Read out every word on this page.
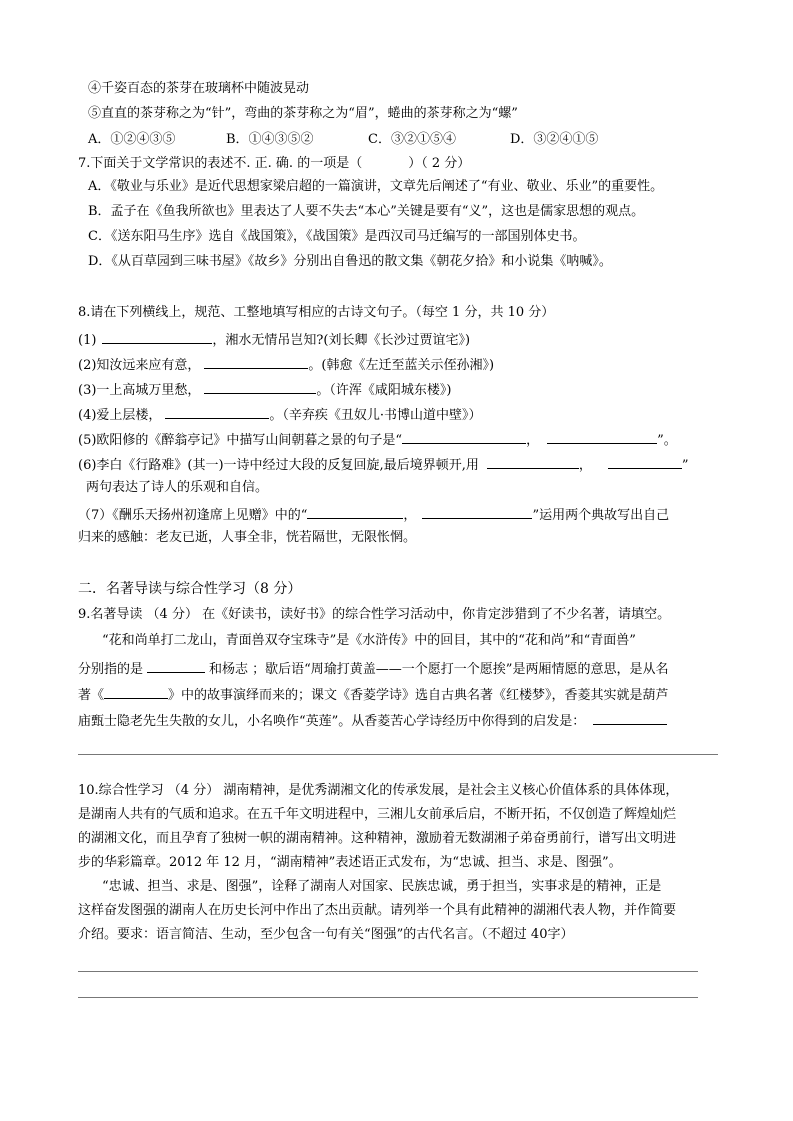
④千姿百态的茶芽在玻璃杯中随波晃动
⑤直直的茶芽称之为“针”，弯曲的茶芽称之为“眉”，蜷曲的茶芽称之为“螺”
A．①②④③⑤	B．①④③⑤②	C．③②①⑤④	D．③②④①⑤
7.下面关于文学常识的表述不. 正. 确. 的一项是（	）（ 2 分）
A．《敬业与乐业》是近代思想家梁启超的一篇演讲，文章先后阐述了“有业、敬业、乐业”的重要性。
B．孟子在《鱼我所欲也》里表达了人要不失去“本心”关键是要有“义”，这也是儒家思想的观点。
C．《送东阳马生序》选自《战国策》，《战国策》是西汉司马迁编写的一部国别体史书。
D．《从百草园到三味书屋》《故乡》分别出自鲁迅的散文集《朝花夕拾》和小说集《呐喊》。
8.请在下列横线上，规范、工整地填写相应的古诗文句子。（每空 1 分，共 10 分）
(1)	，湘水无情吊岂知?(刘长卿《长沙过贾谊宅》)
(2)知汝远来应有意，	。(韩愈《左迁至蓝关示侄孙湘》)
(3)一上高城万里愁，	。（许浑《咸阳城东楼》)
(4)爱上层楼，	。（辛弃疾《丑奴儿·书博山道中壁》）
(5)欧阳修的《醉翁亭记》中描写山间朝暮之景的句子是“	，	”。
(6)李白《行路难》(其一)一诗中经过大段的反复回旋,最后境界顿开,用	，	”
两句表达了诗人的乐观和自信。
（7）《酬乐天扬州初逢席上见赠》中的“	，	”运用两个典故写出自己
归来的感触：老友已逝，人事全非，恍若隔世，无限怅惘。
二．名著导读与综合性学习（8 分）
9.名著导读 （4 分） 在《好读书，读好书》的综合性学习活动中，你肯定涉猎到了不少名著，请填空。
“花和尚单打二龙山，青面兽双夺宝珠寺”是《水浒传》中的回目，其中的“花和尚”和“青面兽”
分别指的是	和杨志 ；歇后语“周瑜打黄盖——一个愿打一个愿挨”是两厢情愿的意思，是从名
著《	》中的故事演绎而来的；课文《香菱学诗》选自古典名著《红楼梦》，香菱其实就是葫芦
庙甄士隐老先生失散的女儿，小名唤作“英莲”。从香菱苦心学诗经历中你得到的启发是：
10.综合性学习 （4 分） 湖南精神，是优秀湖湘文化的传承发展，是社会主义核心价值体系的具体体现，
是湖南人共有的气质和追求。在五千年文明进程中，三湘儿女前承后启，不断开拓，不仅创造了辉煌灿烂
的湖湘文化，而且孕育了独树一帜的湖南精神。这种精神，激励着无数湖湘子弟奋勇前行，谱写出文明进
步的华彩篇章。2012 年 12 月，“湖南精神”表述语正式发布，为“忠诚、担当、求是、图强”。
“忠诚、担当、求是、图强”，诠释了湖南人对国家、民族忠诚，勇于担当，实事求是的精神，正是
这样奋发图强的湖南人在历史长河中作出了杰出贡献。请列举一个具有此精神的湖湘代表人物，并作简要
介绍。要求：语言简洁、生动，至少包含一句有关“图强”的古代名言。（不超过 40字）
